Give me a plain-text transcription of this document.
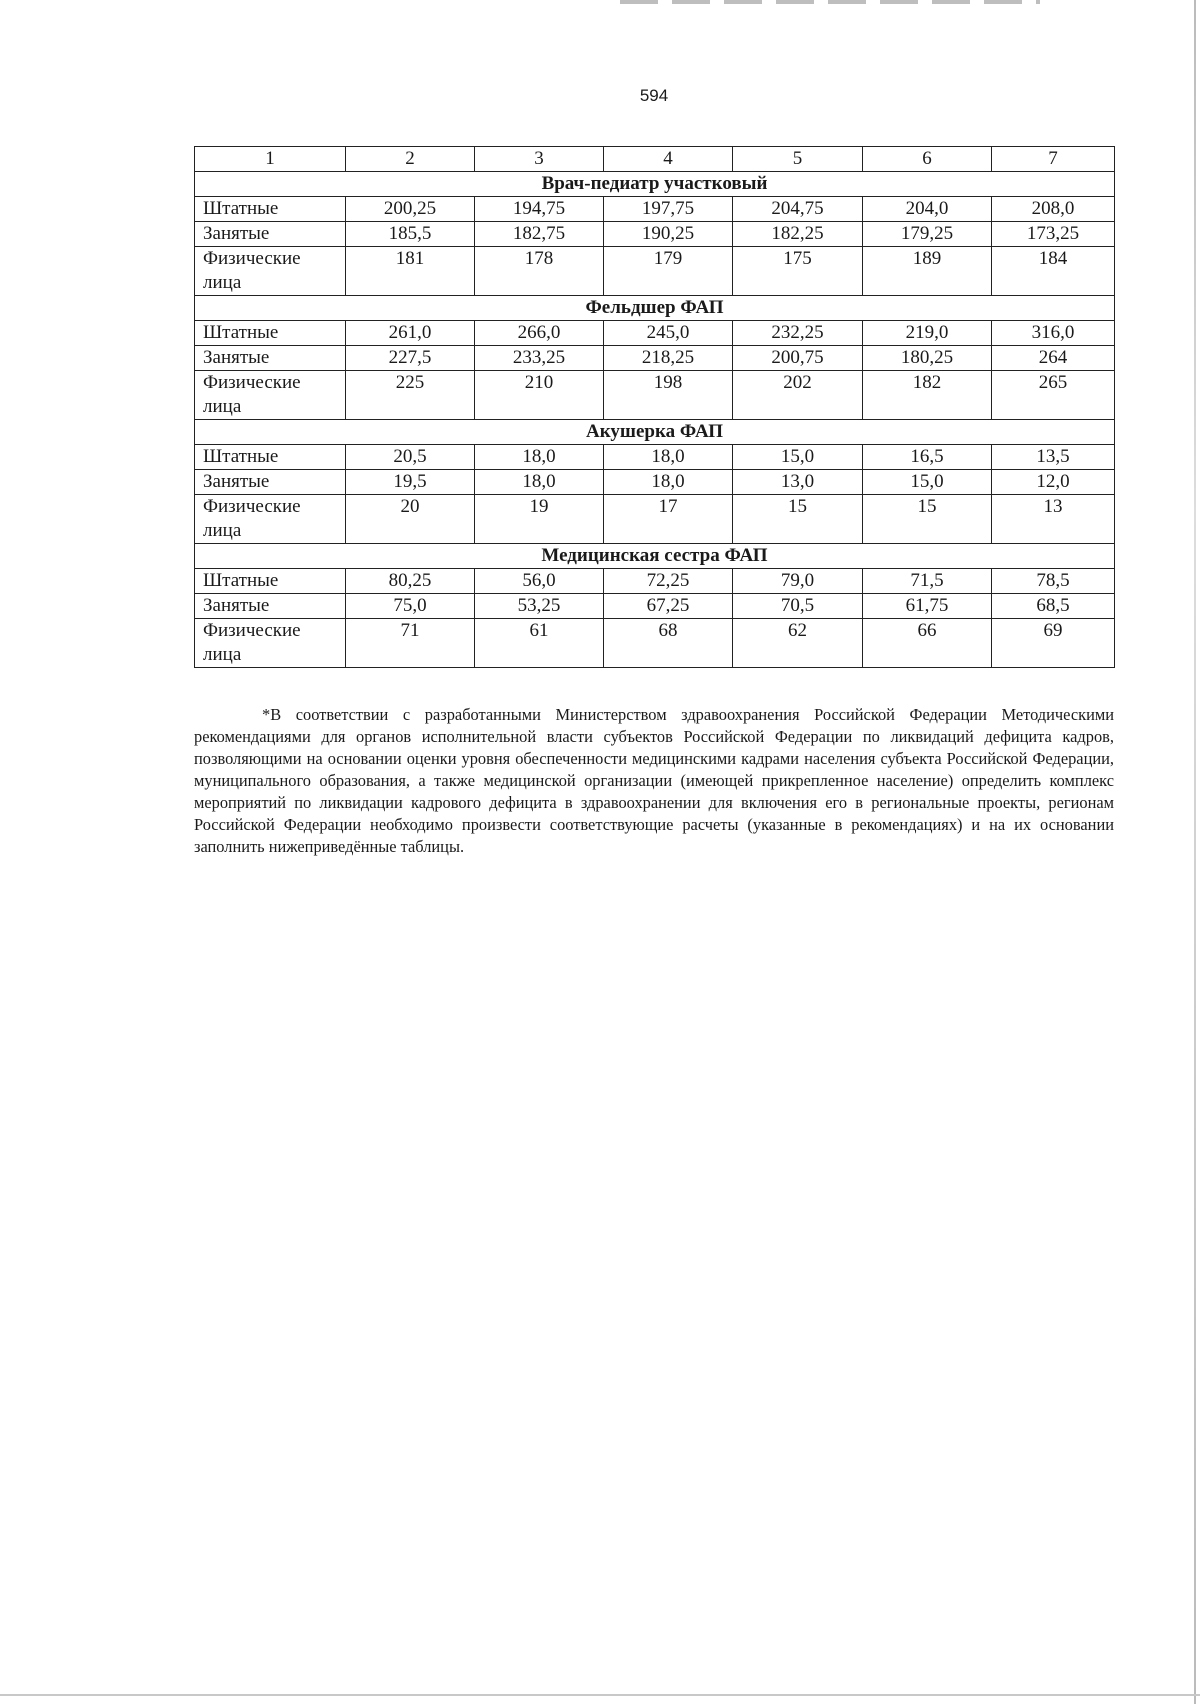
594
1	2	3	4	5	6	7
Врач-педиатр участковый						
Штатные	200,25	194,75	197,75	204,75	204,0	208,0
Занятые	185,5	182,75	190,25	182,25	179,25	173,25
Физические лица	181	178	179	175	189	184
Фельдшер ФАП						
Штатные	261,0	266,0	245,0	232,25	219,0	316,0
Занятые	227,5	233,25	218,25	200,75	180,25	264
Физические лица	225	210	198	202	182	265
Акушерка ФАП						
Штатные	20,5	18,0	18,0	15,0	16,5	13,5
Занятые	19,5	18,0	18,0	13,0	15,0	12,0
Физические лица	20	19	17	15	15	13
Медицинская сестра ФАП						
Штатные	80,25	56,0	72,25	79,0	71,5	78,5
Занятые	75,0	53,25	67,25	70,5	61,75	68,5
Физические лица	71	61	68	62	66	69

*В соответствии с разработанными Министерством здравоохранения Российской Федерации Методическими рекомендациями для органов исполнительной власти субъектов Российской Федерации по ликвидаций дефицита кадров, позволяющими на основании оценки уровня обеспеченности медицинскими кадрами населения субъекта Российской Федерации, муниципального образования, а также медицинской организации (имеющей прикрепленное население) определить комплекс мероприятий по ликвидации кадрового дефицита в здравоохранении для включения его в региональные проекты, регионам Российской Федерации необходимо произвести соответствующие расчеты (указанные в рекомендациях) и на их основании заполнить нижеприведённые таблицы.
